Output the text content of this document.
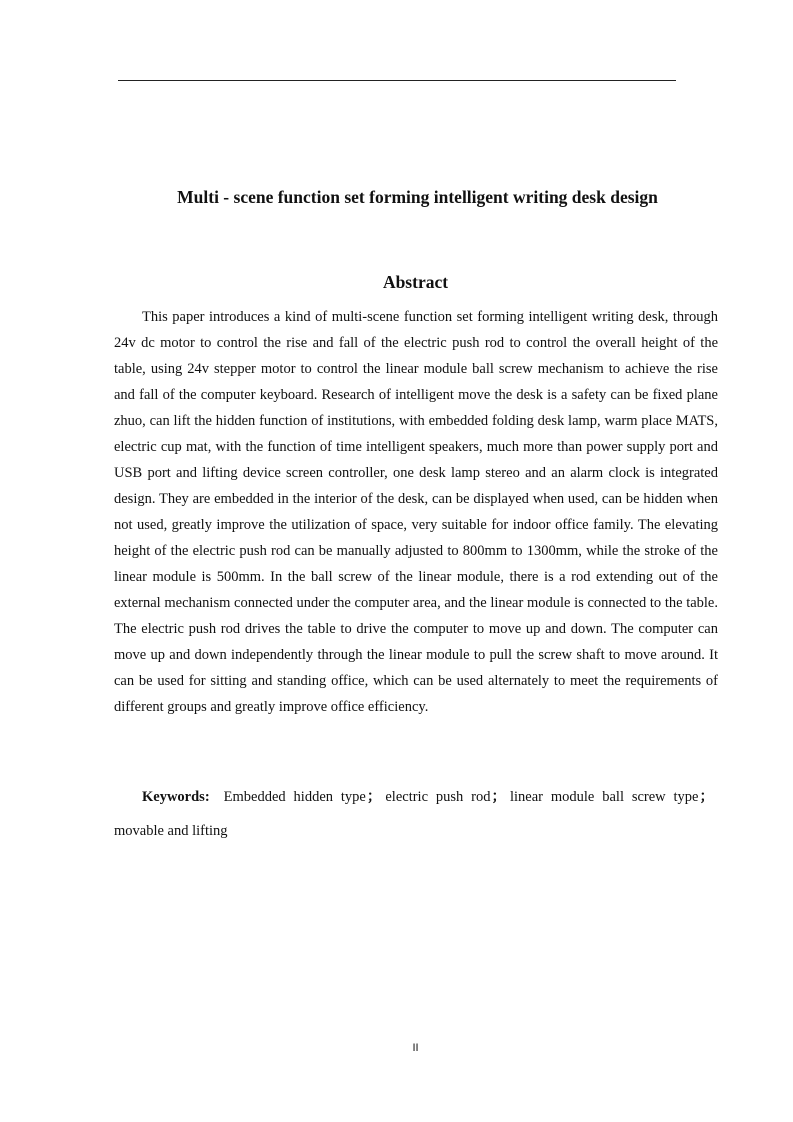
Multi - scene function set forming intelligent writing desk design
Abstract

This paper introduces a kind of multi-scene function set forming intelligent writing desk, through 24v dc motor to control the rise and fall of the electric push rod to control the overall height of the table, using 24v stepper motor to control the linear module ball screw mechanism to achieve the rise and fall of the computer keyboard. Research of intelligent move the desk is a safety can be fixed plane zhuo, can lift the hidden function of institutions, with embedded folding desk lamp, warm place MATS, electric cup mat, with the function of time intelligent speakers, much more than power supply port and USB port and lifting device screen controller, one desk lamp stereo and an alarm clock is integrated design. They are embedded in the interior of the desk, can be displayed when used, can be hidden when not used, greatly improve the utilization of space, very suitable for indoor office family. The elevating height of the electric push rod can be manually adjusted to 800mm to 1300mm, while the stroke of the linear module is 500mm. In the ball screw of the linear module, there is a rod extending out of the external mechanism connected under the computer area, and the linear module is connected to the table. The electric push rod drives the table to drive the computer to move up and down. The computer can move up and down independently through the linear module to pull the screw shaft to move around. It can be used for sitting and standing office, which can be used alternately to meet the requirements of different groups and greatly improve office efficiency.

Keywords: Embedded hidden type； electric push rod； linear module ball screw type；movable and lifting

II
